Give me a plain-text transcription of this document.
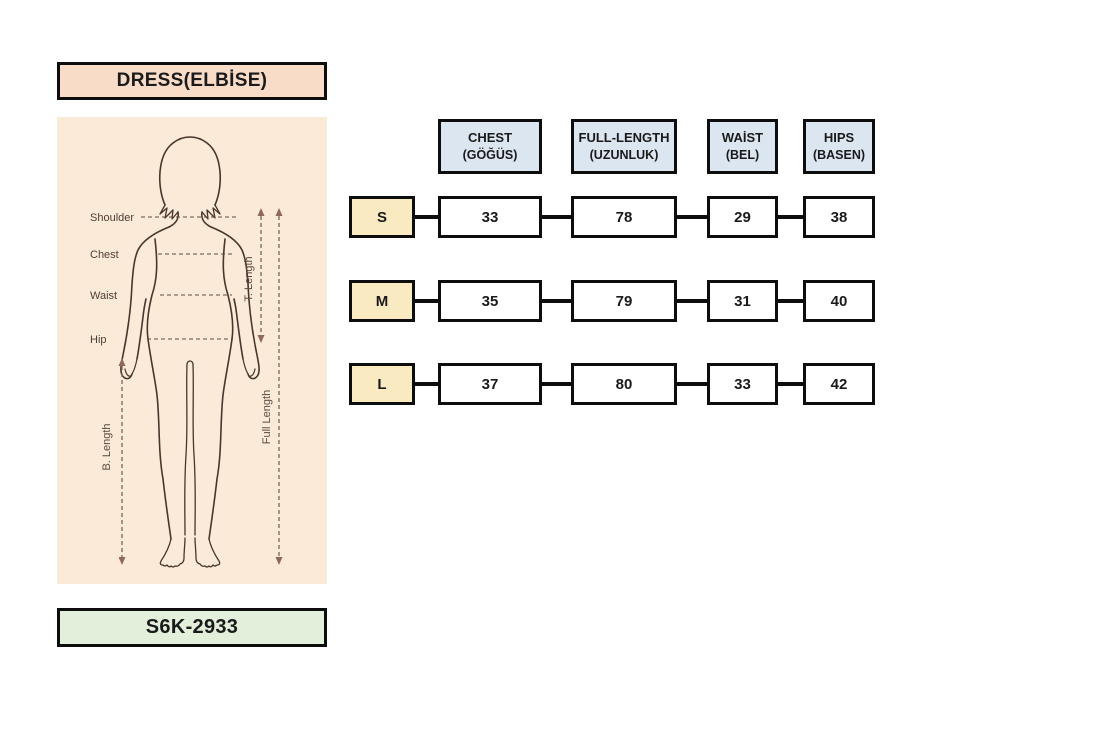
DRESS(ELBİSE)
Shoulder
Chest
Waist
Hip
T. Length
Full Length
B. Length
S6K-2933
CHEST
(GÖĞÜS)
FULL-LENGTH
(UZUNLUK)
WAİST
(BEL)
HIPS
(BASEN)
S	33	78	29	38
M	35	79	31	40
L	37	80	33	42
